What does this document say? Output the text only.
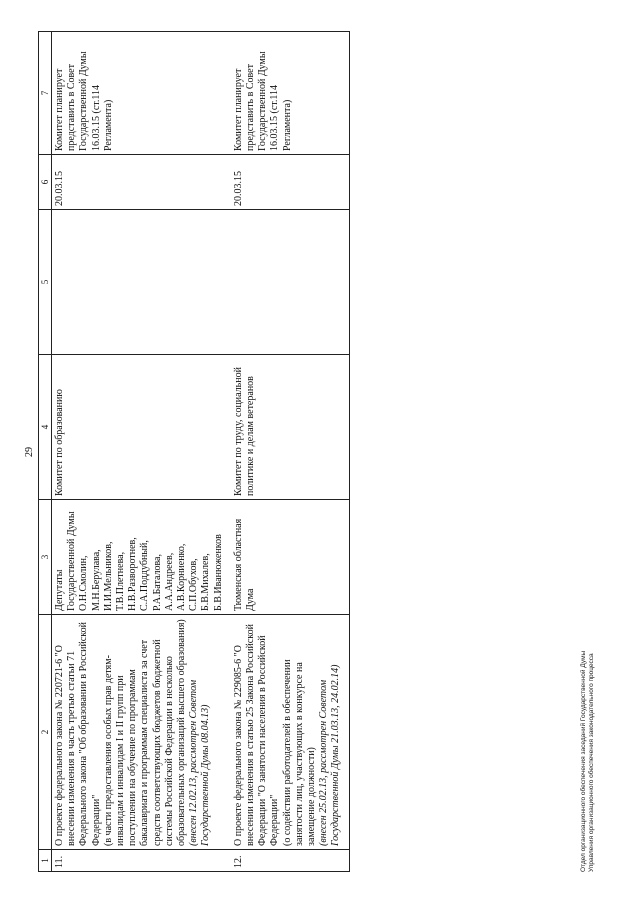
29
1	2	3	4	5	6	7
11.	О проекте федерального закона № 220721-6 "О внесении изменения в часть третью статьи 71 Федерального закона "Об образовании в Российской Федерации" (в части предоставления особых прав детям-инвалидам и инвалидам I и II групп при поступлении на обучение по программам бакалавриата и программам специалиста за счет средств соответствующих бюджетов бюджетной системы Российской Федерации в несколько образовательных организаций высшего образования) (внесен 12.02.13, рассмотрен Советом Государственной Думы 08.04.13)	Депутаты Государственной Думы О.Н.Смолин, М.Н.Берулава, И.И.Мельников, Т.В.Плетнева, Н.В.Разворотнев, С.А.Поддубный, Р.А.Баталова, А.А.Андреев, А.В.Корниенко, С.П.Обухов, Б.В.Михалев, Б.В.Иванюженков	Комитет по образованию		20.03.15	Комитет планирует представить в Совет Государственной Думы 16.03.15 (ст.114 Регламента)
12.	О проекте федерального закона № 229085-6 "О внесении изменения в статью 25 Закона Российской Федерации "О занятости населения в Российской Федерации" (о содействии работодателей в обеспечении занятости лиц, участвующих в конкурсе на замещение должности) (внесен 25.02.13, рассмотрен Советом Государственной Думы 21.03.13, 24.02.14)	Тюменская областная Дума	Комитет по труду, социальной политике и делам ветеранов		20.03.15	Комитет планирует представить в Совет Государственной Думы 16.03.15 (ст.114 Регламента)
Отдел организационного обеспечения заседаний Государственной Думы Управления организационного обеспечения законодательного процесса
